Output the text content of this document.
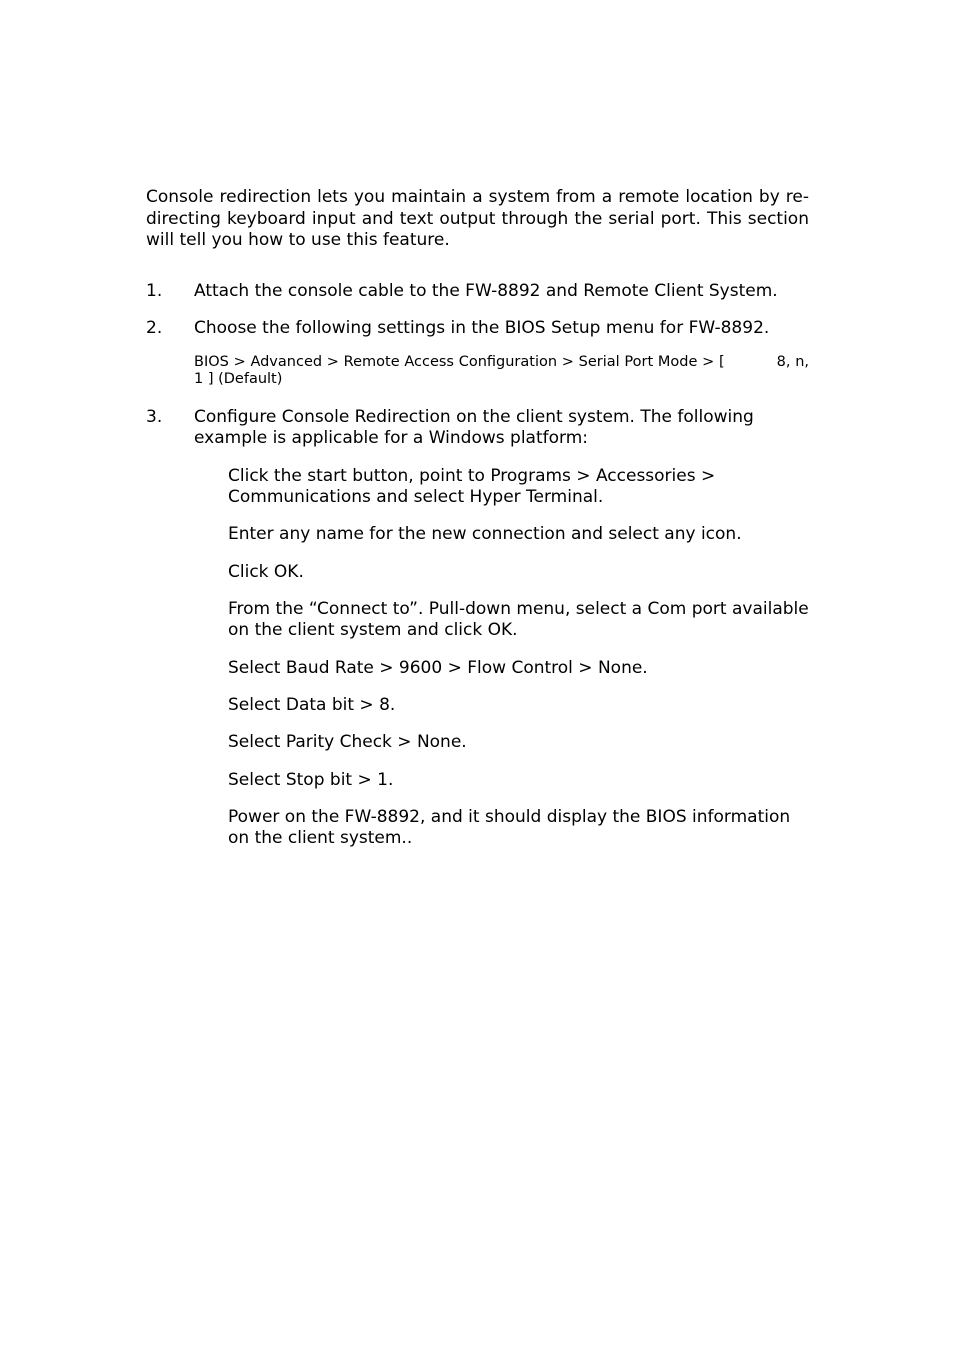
Console redirection lets you maintain a system from a remote location by re-directing keyboard input and text output through the serial port. This section will tell you how to use this feature.

1. Attach the console cable to the FW-8892 and Remote Client System.
2. Choose the following settings in the BIOS Setup menu for FW-8892.
BIOS > Advanced > Remote Access Configuration > Serial Port Mode > [	8, n, 1 ] (Default)
3. Configure Console Redirection on the client system. The following example is applicable for a Windows platform:
Click the start button, point to Programs > Accessories > Communications and select Hyper Terminal.
Enter any name for the new connection and select any icon.
Click OK.
From the “Connect to”. Pull-down menu, select a Com port available on the client system and click OK.
Select Baud Rate > 9600 > Flow Control > None.
Select Data bit > 8.
Select Parity Check > None.
Select Stop bit > 1.
Power on the FW-8892, and it should display the BIOS information on the client system..
